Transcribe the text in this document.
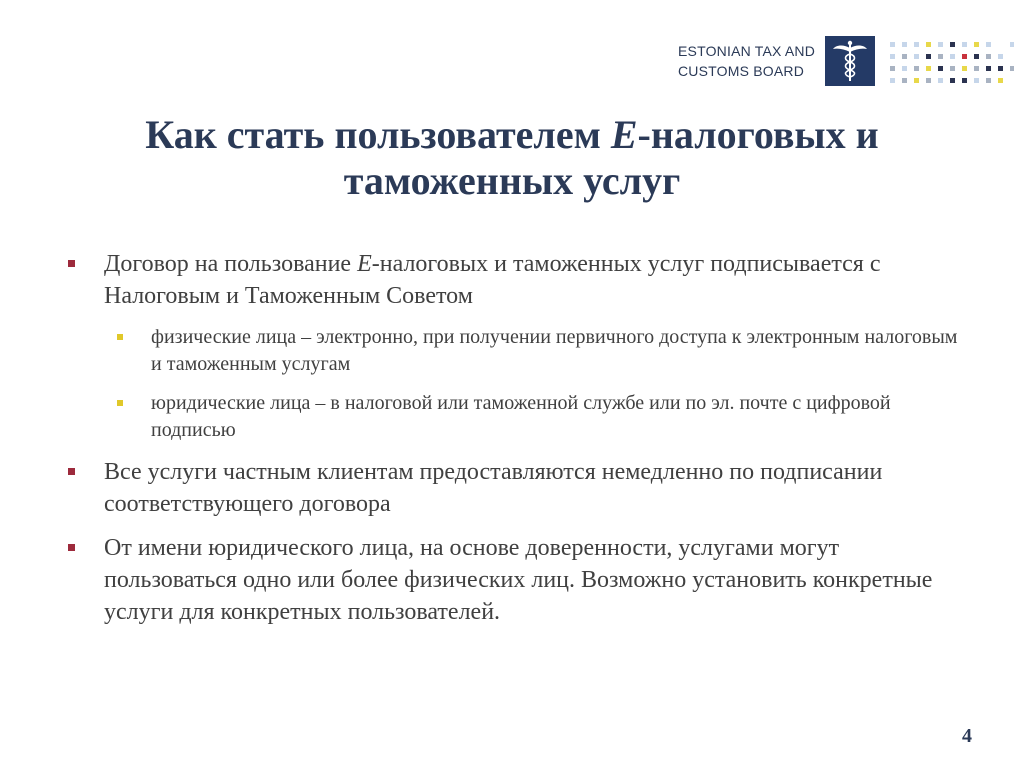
ESTONIAN TAX AND
CUSTOMS BOARD
Как стать пользователем Е-налоговых и таможенных услуг
Договор на пользование Е-налоговых и таможенных услуг подписывается с Налоговым и Таможенным Советом
физические лица – электронно, при получении первичного доступа к электронным налоговым и таможенным услугам
юридические лица – в налоговой или таможенной службе или по эл. почте с цифровой подписью
Все услуги частным клиентам предоставляются немедленно по подписании соответствующего договора
От имени юридического лица, на основе доверенности, услугами могут пользоваться одно или более физических лиц. Возможно установить конкретные услуги для конкретных пользователей.
4
